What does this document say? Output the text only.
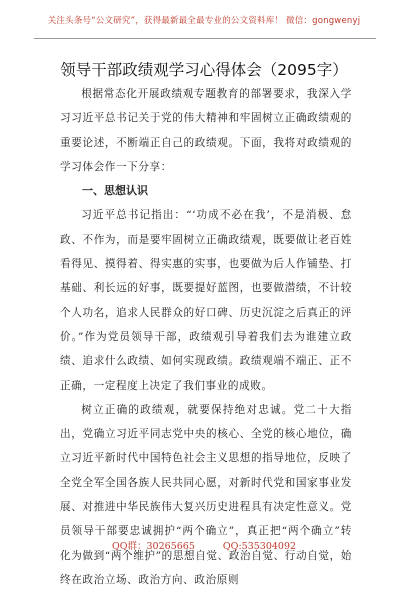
关注头条号“公文研究”，获得最新最全最专业的公文资料库！ 微信：gongwenyj
领导干部政绩观学习心得体会（2095字）

根据常态化开展政绩观专题教育的部署要求，我深入学习习近平总书记关于党的伟大精神和牢固树立正确政绩观的重要论述，不断端正自己的政绩观。下面，我将对政绩观的学习体会作一下分享：

一、思想认识

习近平总书记指出：“‘功成不必在我’，不是消极、怠政、不作为，而是要牢固树立正确政绩观，既要做让老百姓看得见、摸得着、得实惠的实事，也要做为后人作铺垫、打基础、利长远的好事，既要提好蓝图，也要做潜绩，不计较个人功名，追求人民群众的好口碑、历史沉淀之后真正的评价。”作为党员领导干部，政绩观引导着我们去为谁建立政绩、追求什么政绩、如何实现政绩。政绩观端不端正、正不正确，一定程度上决定了我们事业的成败。

树立正确的政绩观，就要保持绝对忠诚。党二十大指出，党确立习近平同志党中央的核心、全党的核心地位，确立习近平新时代中国特色社会主义思想的指导地位，反映了全党全军全国各族人民共同心愿，对新时代党和国家事业发展、对推进中华民族伟大复兴历史进程具有决定性意义。党员领导干部要忠诚拥护“两个确立”，真正把“两个确立”转化为做到“两个维护”的思想自觉、政治自觉、行动自觉，始终在政治立场、政治方向、政治原则

QQ群：30265665	QQ:535304092
